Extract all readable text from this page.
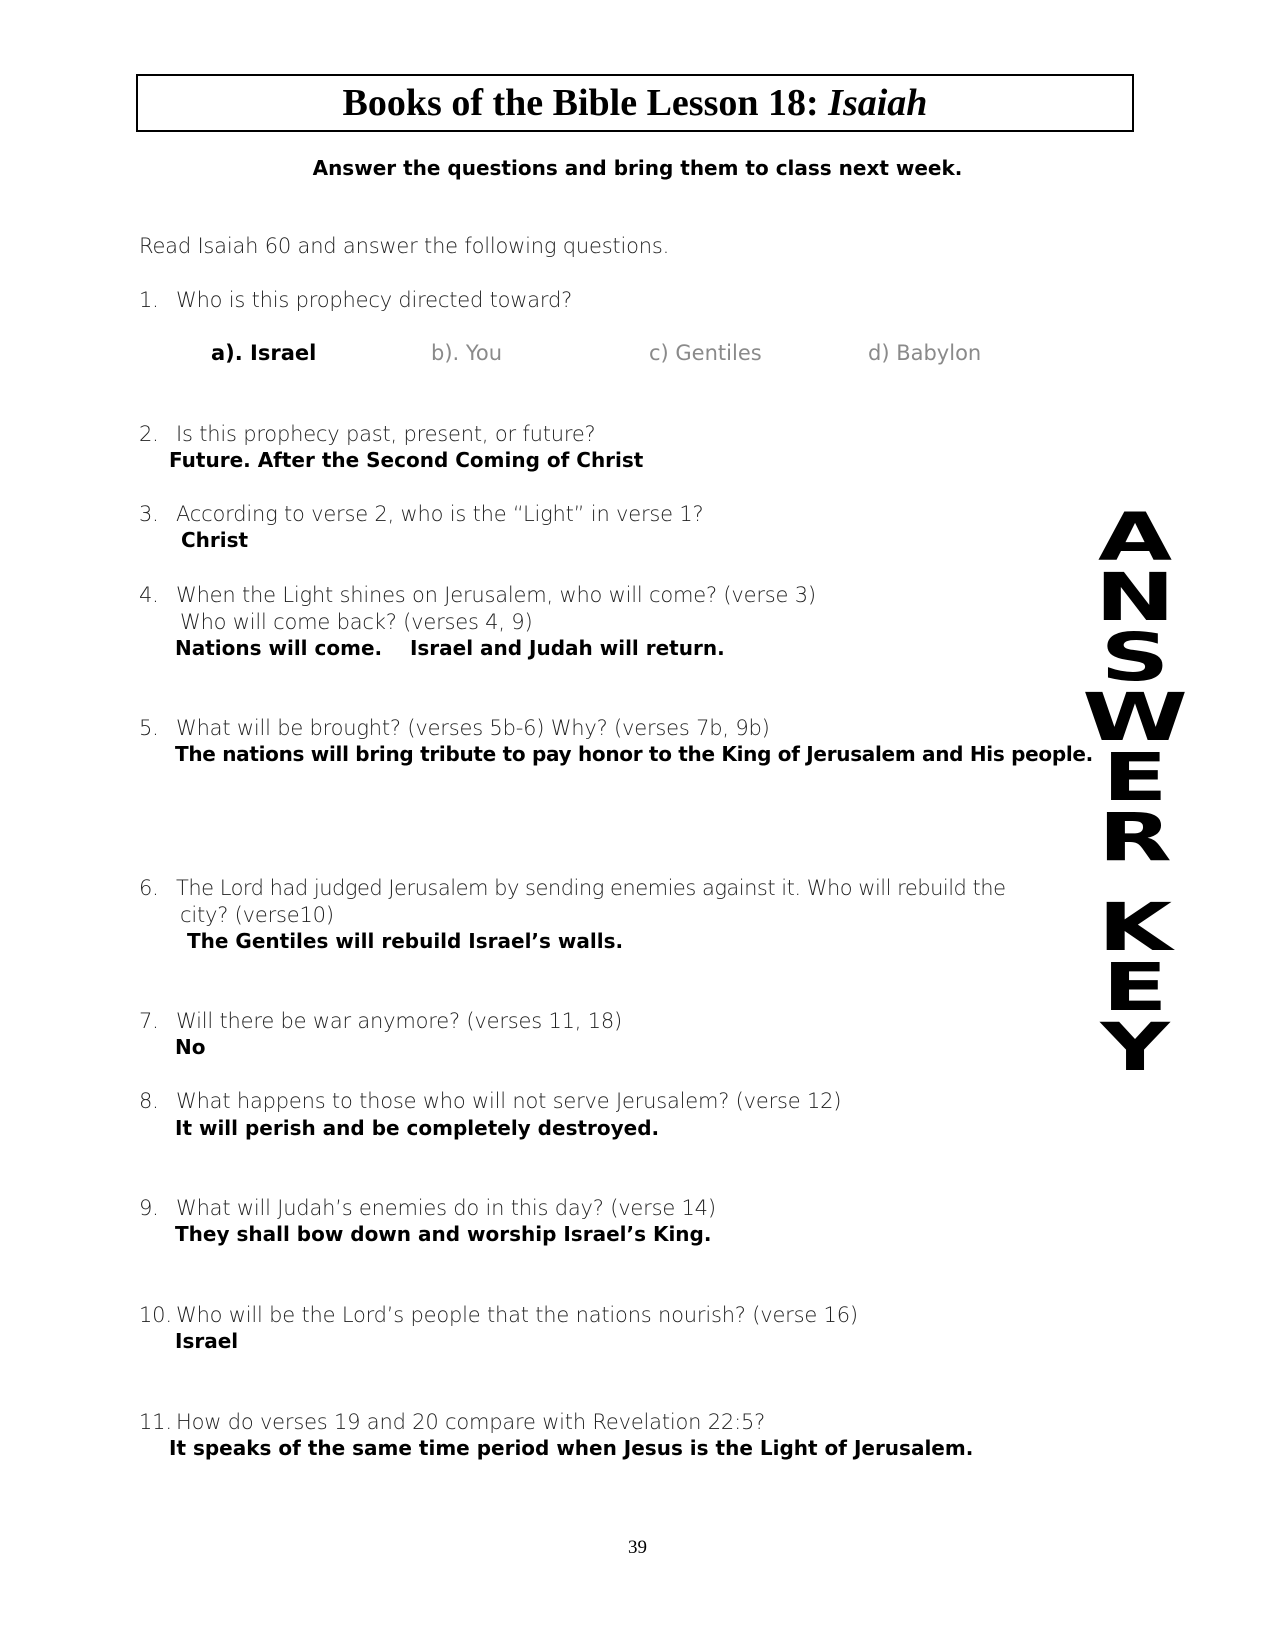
Books of the Bible Lesson 18: Isaiah
Answer the questions and bring them to class next week.
Read Isaiah 60 and answer the following questions.
1. Who is this prophecy directed toward?
a). Israel	b). You	c) Gentiles	d) Babylon
2. Is this prophecy past, present, or future?
Future. After the Second Coming of Christ
3. According to verse 2, who is the “Light” in verse 1?
Christ
4. When the Light shines on Jerusalem, who will come? (verse 3)
Who will come back? (verses 4, 9)
Nations will come.    Israel and Judah will return.
5. What will be brought? (verses 5b-6) Why? (verses 7b, 9b)
The nations will bring tribute to pay honor to the King of Jerusalem and His people.
6. The Lord had judged Jerusalem by sending enemies against it. Who will rebuild the
city? (verse10)
The Gentiles will rebuild Israel’s walls.
7. Will there be war anymore? (verses 11, 18)
No
8. What happens to those who will not serve Jerusalem? (verse 12)
It will perish and be completely destroyed.
9. What will Judah’s enemies do in this day? (verse 14)
They shall bow down and worship Israel’s King.
10. Who will be the Lord’s people that the nations nourish? (verse 16)
Israel
11. How do verses 19 and 20 compare with Revelation 22:5?
It speaks of the same time period when Jesus is the Light of Jerusalem.
A
N
S
W
E
R
K
E
Y
39
